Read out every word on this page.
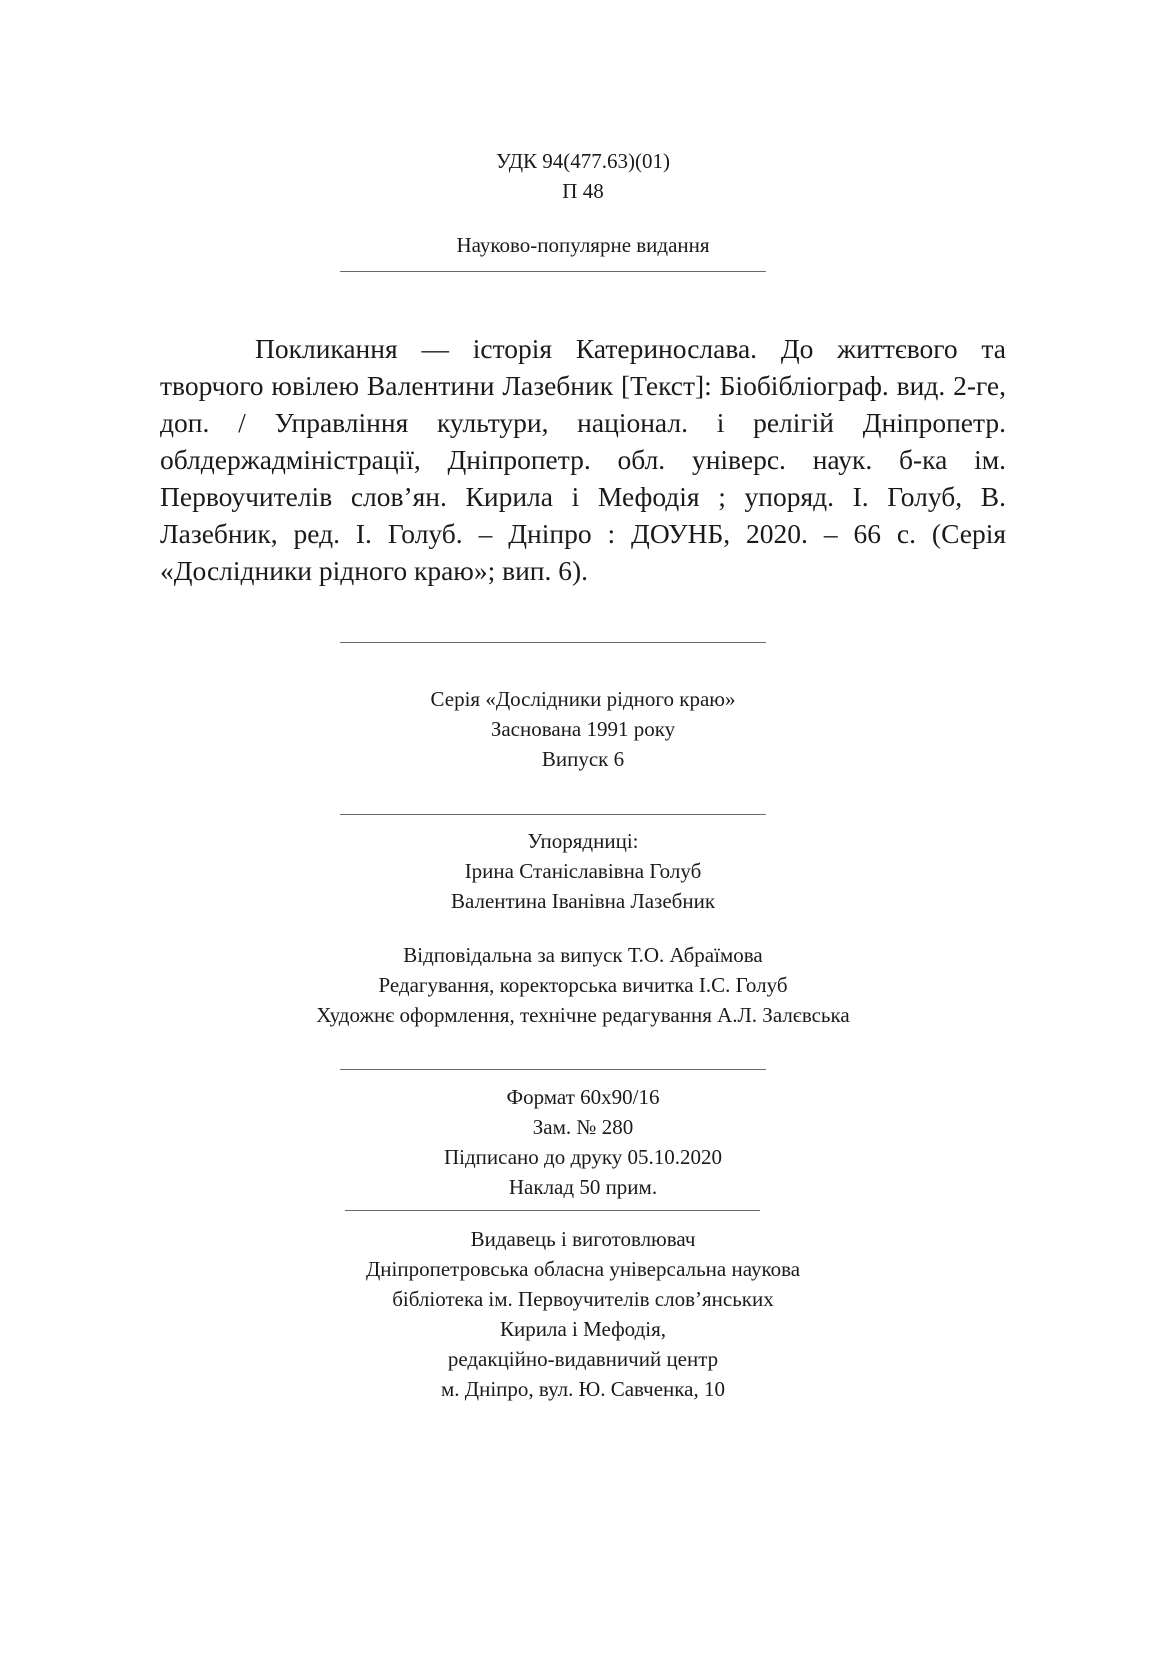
УДК 94(477.63)(01)
П 48
Науково-популярне видання
Покликання — історія Катеринослава. До життєвого та творчого ювілею Валентини Лазебник [Текст]: Біобібліограф. вид. 2-ге, доп. / Управління культури, націонал. і релігій Дніпропетр. облдержадміністрації, Дніпропетр. обл. універс. наук. б-ка ім. Первоучителів слов’ян. Кирила і Мефодія ; упоряд. І. Голуб, В. Лазебник, ред. І. Голуб. – Дніпро : ДОУНБ, 2020. – 66 с. (Серія «Дослідники рідного краю»; вип. 6).
Серія «Дослідники рідного краю»
Заснована 1991 року
Випуск 6
Упорядниці:
Ірина Станіславівна Голуб
Валентина Іванівна Лазебник
Відповідальна за випуск Т.О. Абраїмова
Редагування, коректорська вичитка І.С. Голуб
Художнє оформлення, технічне редагування А.Л. Залєвська
Формат 60х90/16
Зам. № 280
Підписано до друку 05.10.2020
Наклад 50 прим.
Видавець і виготовлювач
Дніпропетровська обласна універсальна наукова
бібліотека ім. Первоучителів слов’янських
Кирила і Мефодія,
редакційно-видавничий центр
м. Дніпро, вул. Ю. Савченка, 10
